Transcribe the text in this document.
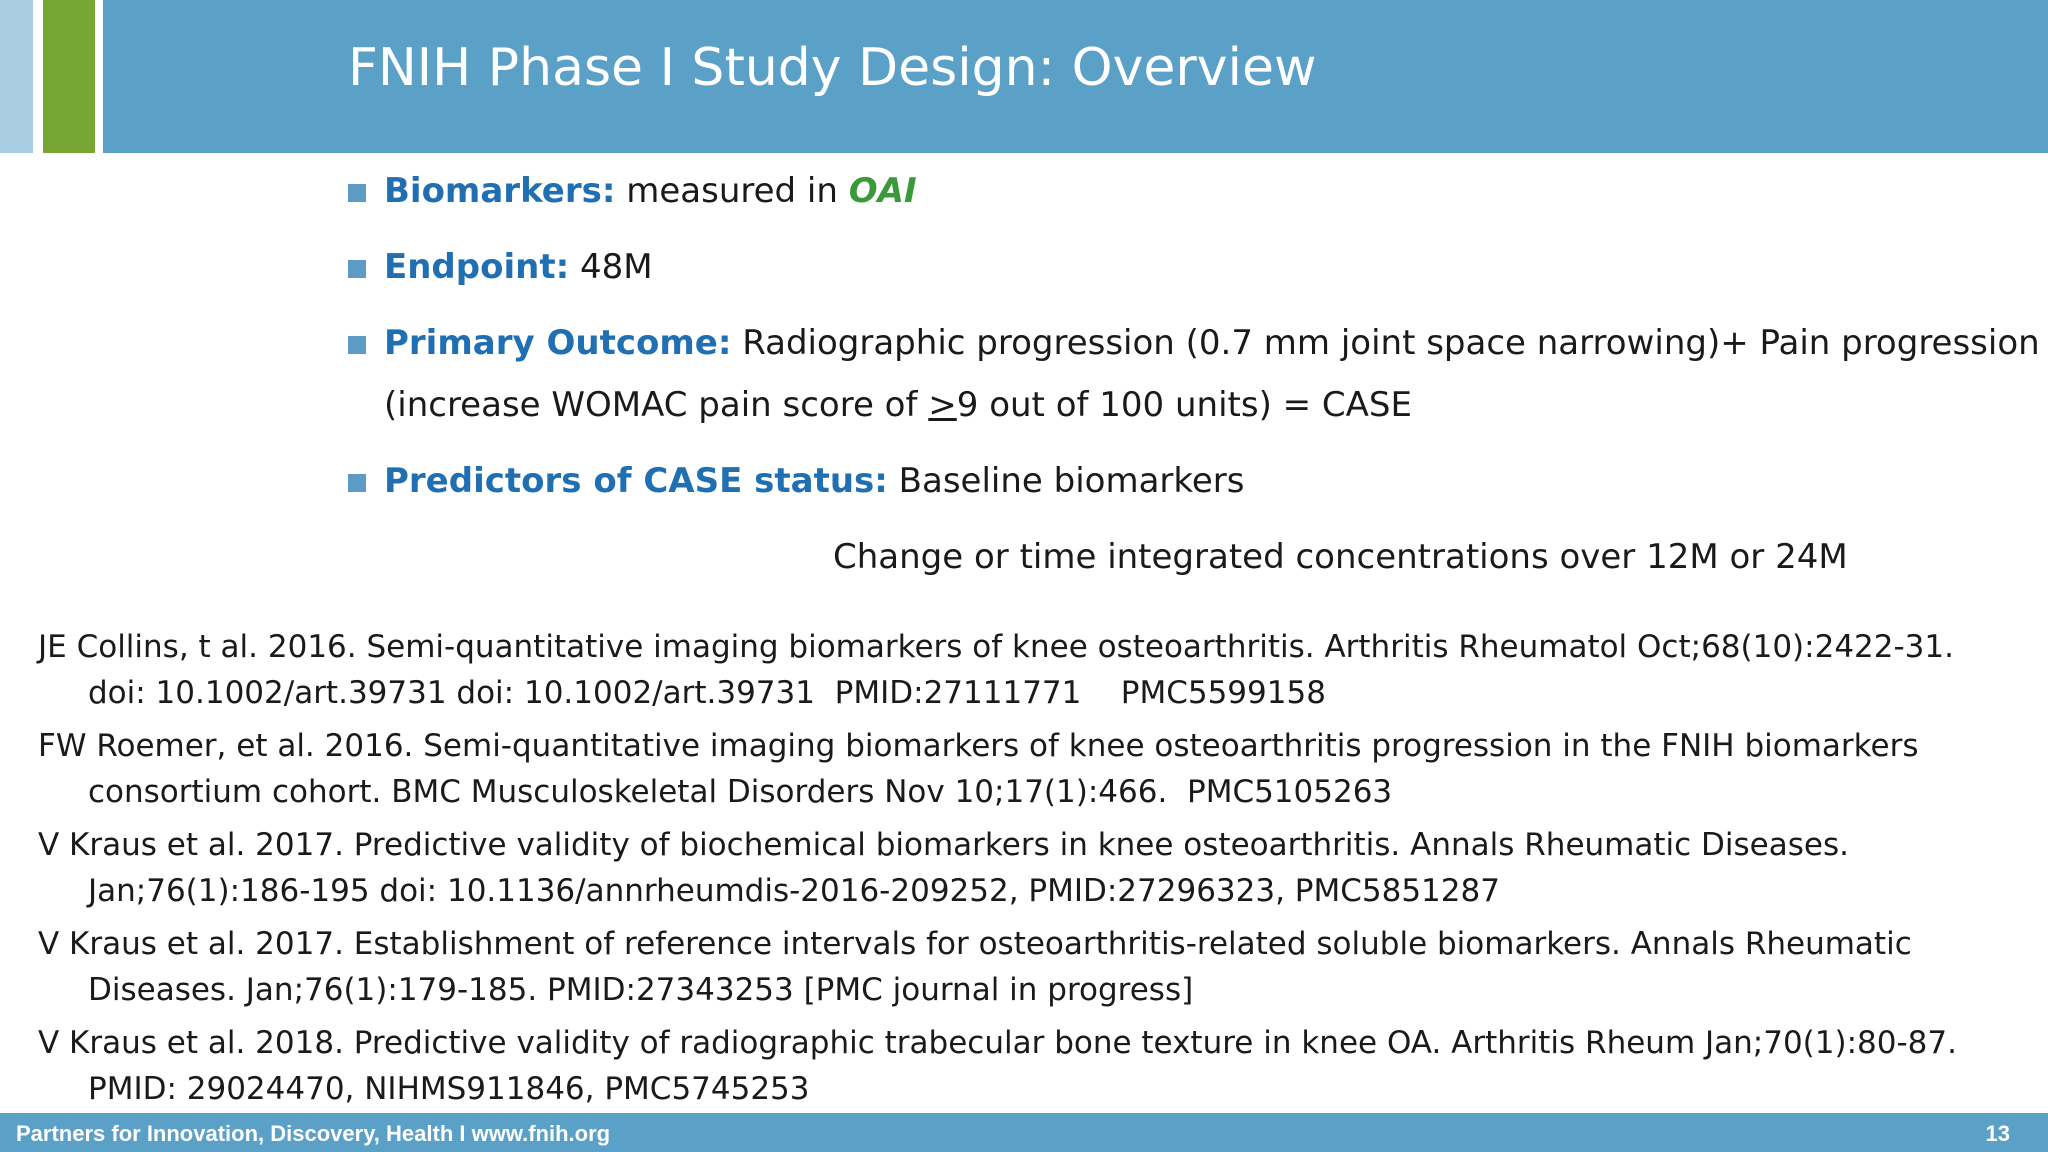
FNIH Phase I Study Design: Overview
Biomarkers: measured in OAI
Endpoint: 48M
Primary Outcome: Radiographic progression (0.7 mm joint space narrowing)+ Pain progression
(increase WOMAC pain score of ≥9 out of 100 units) = CASE
Predictors of CASE status: Baseline biomarkers
Change or time integrated concentrations over 12M or 24M
JE Collins, t al. 2016. Semi-quantitative imaging biomarkers of knee osteoarthritis. Arthritis Rheumatol Oct;68(10):2422-31.
doi: 10.1002/art.39731 doi: 10.1002/art.39731  PMID:27111771    PMC5599158
FW Roemer, et al. 2016. Semi-quantitative imaging biomarkers of knee osteoarthritis progression in the FNIH biomarkers
consortium cohort. BMC Musculoskeletal Disorders Nov 10;17(1):466.  PMC5105263
V Kraus et al. 2017. Predictive validity of biochemical biomarkers in knee osteoarthritis. Annals Rheumatic Diseases.
Jan;76(1):186-195 doi: 10.1136/annrheumdis-2016-209252, PMID:27296323, PMC5851287
V Kraus et al. 2017. Establishment of reference intervals for osteoarthritis-related soluble biomarkers. Annals Rheumatic
Diseases. Jan;76(1):179-185. PMID:27343253 [PMC journal in progress]
V Kraus et al. 2018. Predictive validity of radiographic trabecular bone texture in knee OA. Arthritis Rheum Jan;70(1):80-87.
PMID: 29024470, NIHMS911846, PMC5745253
Partners for Innovation, Discovery, Health I www.fnih.org	13
